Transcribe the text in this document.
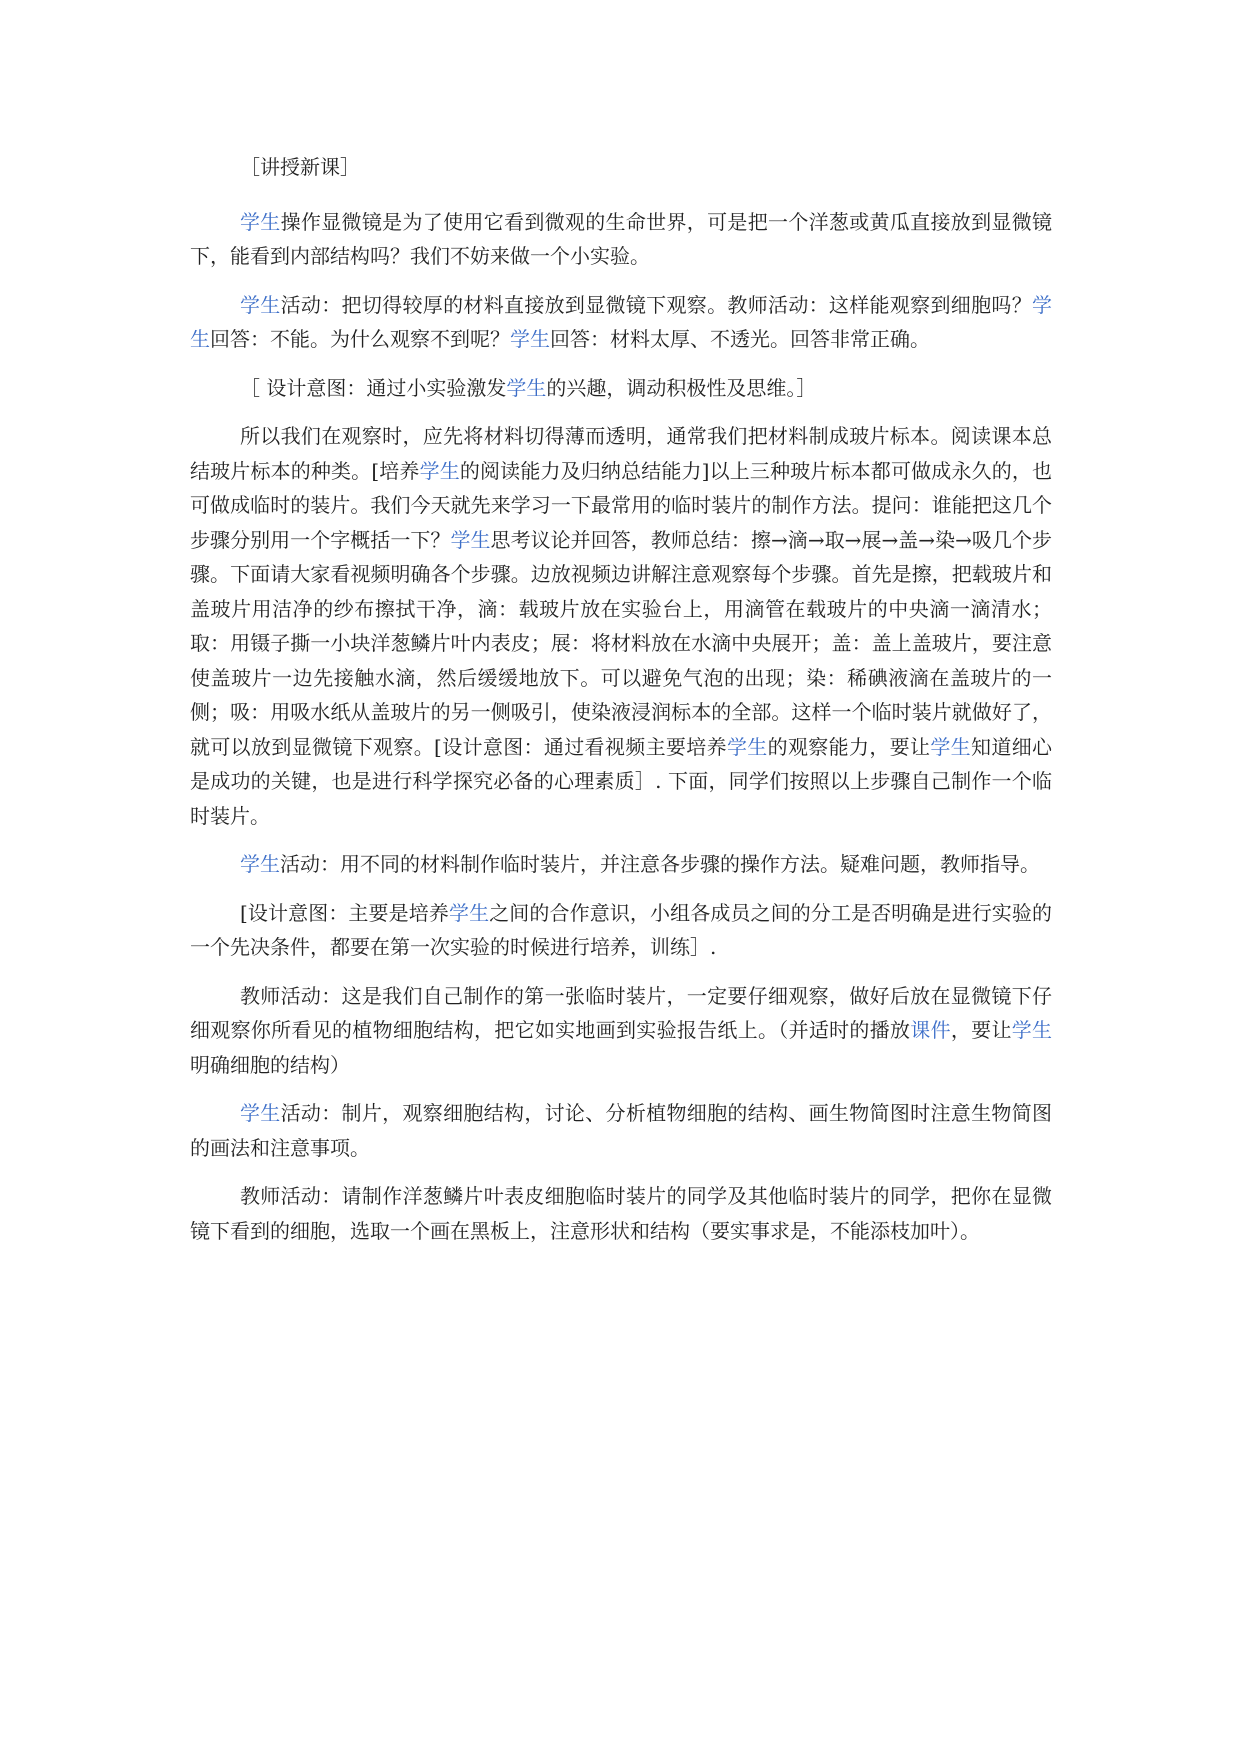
［讲授新课］

学生操作显微镜是为了使用它看到微观的生命世界，可是把一个洋葱或黄瓜直接放到显微镜下，能看到内部结构吗？我们不妨来做一个小实验。

学生活动：把切得较厚的材料直接放到显微镜下观察。教师活动：这样能观察到细胞吗？学生回答：不能。为什么观察不到呢？学生回答：材料太厚、不透光。回答非常正确。

［ 设计意图：通过小实验激发学生的兴趣，调动积极性及思维。］

所以我们在观察时，应先将材料切得薄而透明，通常我们把材料制成玻片标本。阅读课本总结玻片标本的种类。[培养学生的阅读能力及归纳总结能力]以上三种玻片标本都可做成永久的，也可做成临时的装片。我们今天就先来学习一下最常用的临时装片的制作方法。提问：谁能把这几个步骤分别用一个字概括一下？学生思考议论并回答，教师总结：擦→滴→取→展→盖→染→吸几个步骤。下面请大家看视频明确各个步骤。边放视频边讲解注意观察每个步骤。首先是擦，把载玻片和盖玻片用洁净的纱布擦拭干净，滴：载玻片放在实验台上，用滴管在载玻片的中央滴一滴清水；取：用镊子撕一小块洋葱鳞片叶内表皮；展：将材料放在水滴中央展开；盖：盖上盖玻片，要注意使盖玻片一边先接触水滴，然后缓缓地放下。可以避免气泡的出现；染：稀碘液滴在盖玻片的一侧；吸：用吸水纸从盖玻片的另一侧吸引，使染液浸润标本的全部。这样一个临时装片就做好了，就可以放到显微镜下观察。[设计意图：通过看视频主要培养学生的观察能力，要让学生知道细心是成功的关键，也是进行科学探究必备的心理素质］. 下面，同学们按照以上步骤自己制作一个临时装片。

学生活动：用不同的材料制作临时装片，并注意各步骤的操作方法。疑难问题，教师指导。

[设计意图：主要是培养学生之间的合作意识，小组各成员之间的分工是否明确是进行实验的一个先决条件，都要在第一次实验的时候进行培养，训练］.

教师活动：这是我们自己制作的第一张临时装片，一定要仔细观察，做好后放在显微镜下仔细观察你所看见的植物细胞结构，把它如实地画到实验报告纸上。（并适时的播放课件，要让学生明确细胞的结构）

学生活动：制片，观察细胞结构，讨论、分析植物细胞的结构、画生物简图时注意生物简图的画法和注意事项。

教师活动：请制作洋葱鳞片叶表皮细胞临时装片的同学及其他临时装片的同学，把你在显微镜下看到的细胞，选取一个画在黑板上，注意形状和结构（要实事求是，不能添枝加叶）。
